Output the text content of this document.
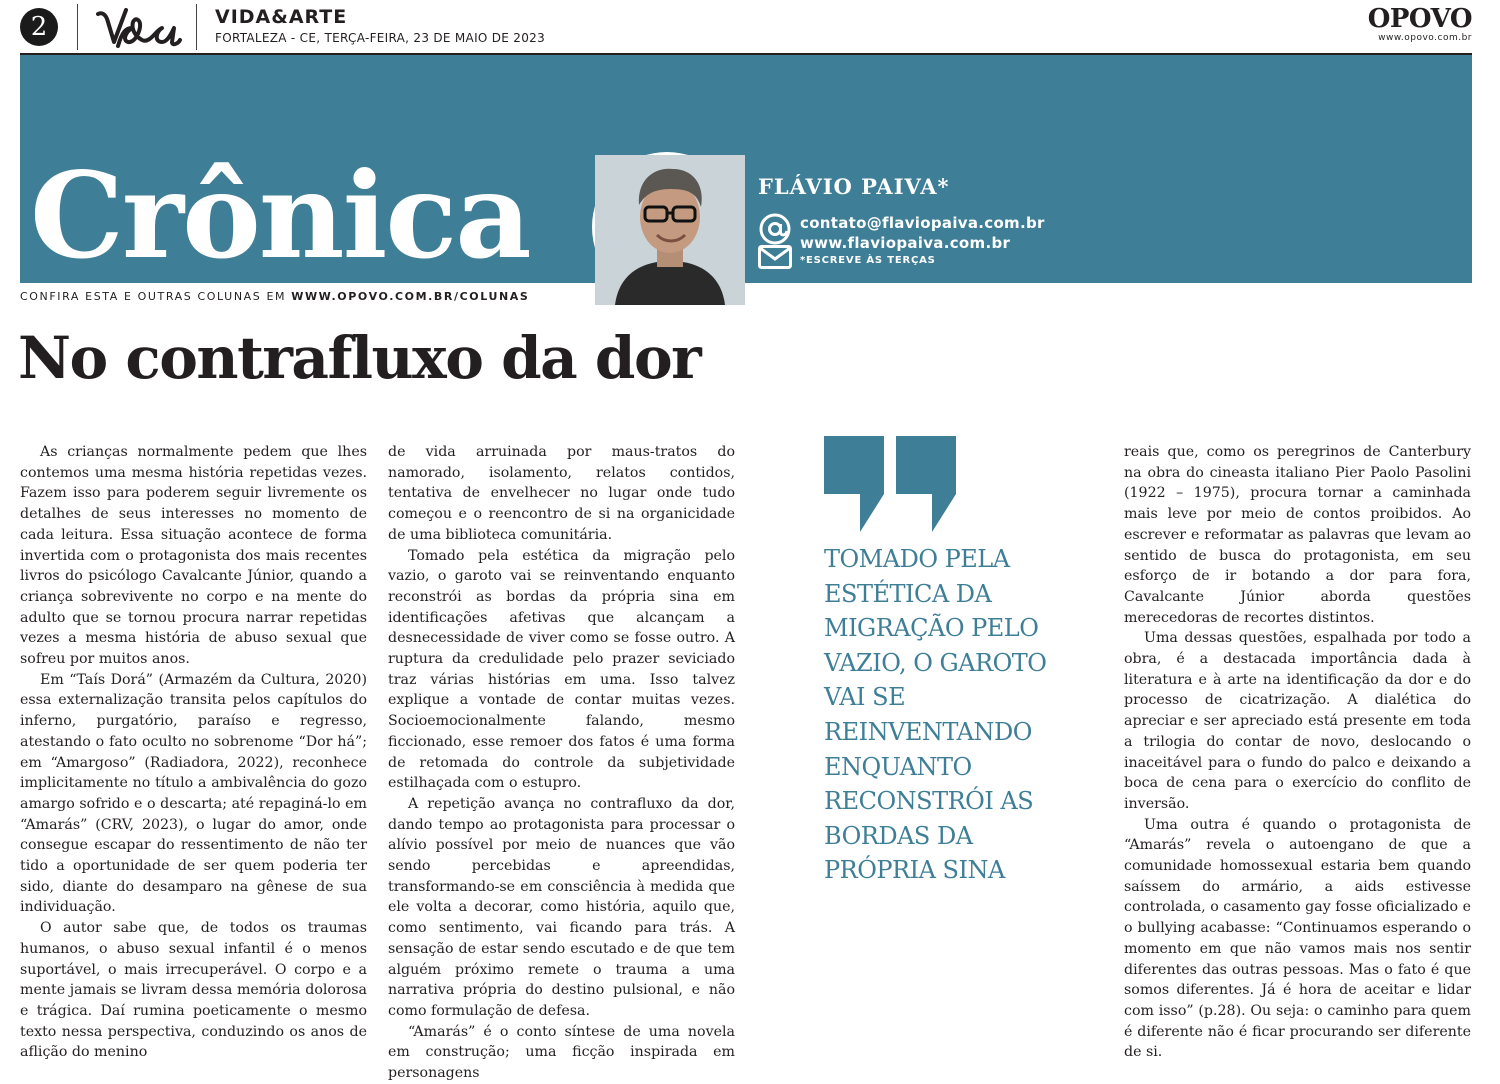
2	VIDA&ARTE
FORTALEZA - CE, TERÇA-FEIRA, 23 DE MAIO DE 2023
OPOVO
www.opovo.com.br
Crônica	FLÁVIO PAIVA*
contato@flaviopaiva.com.br
www.flaviopaiva.com.br
*ESCREVE ÀS TERÇAS
CONFIRA ESTA E OUTRAS COLUNAS EM WWW.OPOVO.COM.BR/COLUNAS
No contrafluxo da dor

As crianças normalmente pedem que lhes contemos uma mesma história repetidas vezes. Fazem isso para poderem seguir livremente os detalhes de seus interesses no momento de cada leitura. Essa situação acontece de forma invertida com o protagonista dos mais recentes livros do psicólogo Cavalcante Júnior, quando a criança sobrevivente no corpo e na mente do adulto que se tornou procura narrar repetidas vezes a mesma história de abuso sexual que sofreu por muitos anos.

Em “Taís Dorá” (Armazém da Cultura, 2020) essa externalização transita pelos capítulos do inferno, purgatório, paraíso e regresso, atestando o fato oculto no sobrenome “Dor há”; em “Amargoso” (Radiadora, 2022), reconhece implicitamente no título a ambivalência do gozo amargo sofrido e o descarta; até repaginá-lo em “Amarás” (CRV, 2023), o lugar do amor, onde consegue escapar do ressentimento de não ter tido a oportunidade de ser quem poderia ter sido, diante do desamparo na gênese de sua individuação.

O autor sabe que, de todos os traumas humanos, o abuso sexual infantil é o menos suportável, o mais irrecuperável. O corpo e a mente jamais se livram dessa memória dolorosa e trágica. Daí rumina poeticamente o mesmo texto nessa perspectiva, conduzindo os anos de aflição do menino

de vida arruinada por maus-tratos do namorado, isolamento, relatos contidos, tentativa de envelhecer no lugar onde tudo começou e o reencontro de si na organicidade de uma biblioteca comunitária.

Tomado pela estética da migração pelo vazio, o garoto vai se reinventando enquanto reconstrói as bordas da própria sina em identificações afetivas que alcançam a desnecessidade de viver como se fosse outro. A ruptura da credulidade pelo prazer seviciado traz várias histórias em uma. Isso talvez explique a vontade de contar muitas vezes. Socioemocionalmente falando, mesmo ficcionado, esse remoer dos fatos é uma forma de retomada do controle da subjetividade estilhaçada com o estupro.

A repetição avança no contrafluxo da dor, dando tempo ao protagonista para processar o alívio possível por meio de nuances que vão sendo percebidas e apreendidas, transformando-se em consciência à medida que ele volta a decorar, como história, aquilo que, como sentimento, vai ficando para trás. A sensação de estar sendo escutado e de que tem alguém próximo remete o trauma a uma narrativa própria do destino pulsional, e não como formulação de defesa.

“Amarás” é o conto síntese de uma novela em construção; uma ficção inspirada em personagens

TOMADO PELA ESTÉTICA DA MIGRAÇÃO PELO VAZIO, O GAROTO VAI SE REINVENTANDO ENQUANTO RECONSTRÓI AS BORDAS DA PRÓPRIA SINA

reais que, como os peregrinos de Canterbury na obra do cineasta italiano Pier Paolo Pasolini (1922 – 1975), procura tornar a caminhada mais leve por meio de contos proibidos. Ao escrever e reformatar as palavras que levam ao sentido de busca do protagonista, em seu esforço de ir botando a dor para fora, Cavalcante Júnior aborda questões merecedoras de recortes distintos.

Uma dessas questões, espalhada por todo a obra, é a destacada importância dada à literatura e à arte na identificação da dor e do processo de cicatrização. A dialética do apreciar e ser apreciado está presente em toda a trilogia do contar de novo, deslocando o inaceitável para o fundo do palco e deixando a boca de cena para o exercício do conflito de inversão.

Uma outra é quando o protagonista de “Amarás” revela o autoengano de que a comunidade homossexual estaria bem quando saíssem do armário, a aids estivesse controlada, o casamento gay fosse oficializado e o bullying acabasse: “Continuamos esperando o momento em que não vamos mais nos sentir diferentes das outras pessoas. Mas o fato é que somos diferentes. Já é hora de aceitar e lidar com isso” (p.28). Ou seja: o caminho para quem é diferente não é ficar procurando ser diferente de si.
